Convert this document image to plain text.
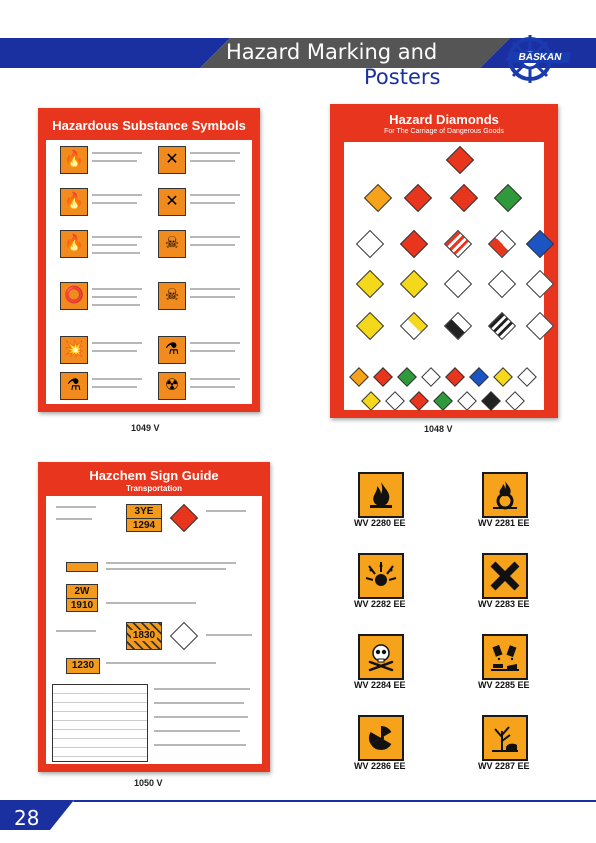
Hazard Marking and
Posters
BASKAN
Hazardous Substance Symbols
🔥
🔥
🔥
⭕
💥
⚗
✕
✕
☠
☠
⚗
☢
1049 V
Hazard Diamonds
For The Carriage of Dangerous Goods
1048 V
Hazchem Sign Guide
Transportation
3YE
1294
2W
1910
1830
1230
1050 V
WV 2280 EE	WV 2281 EE
WV 2282 EE	WV 2283 EE
WV 2284 EE	WV 2285 EE
WV 2286 EE	WV 2287 EE
28
